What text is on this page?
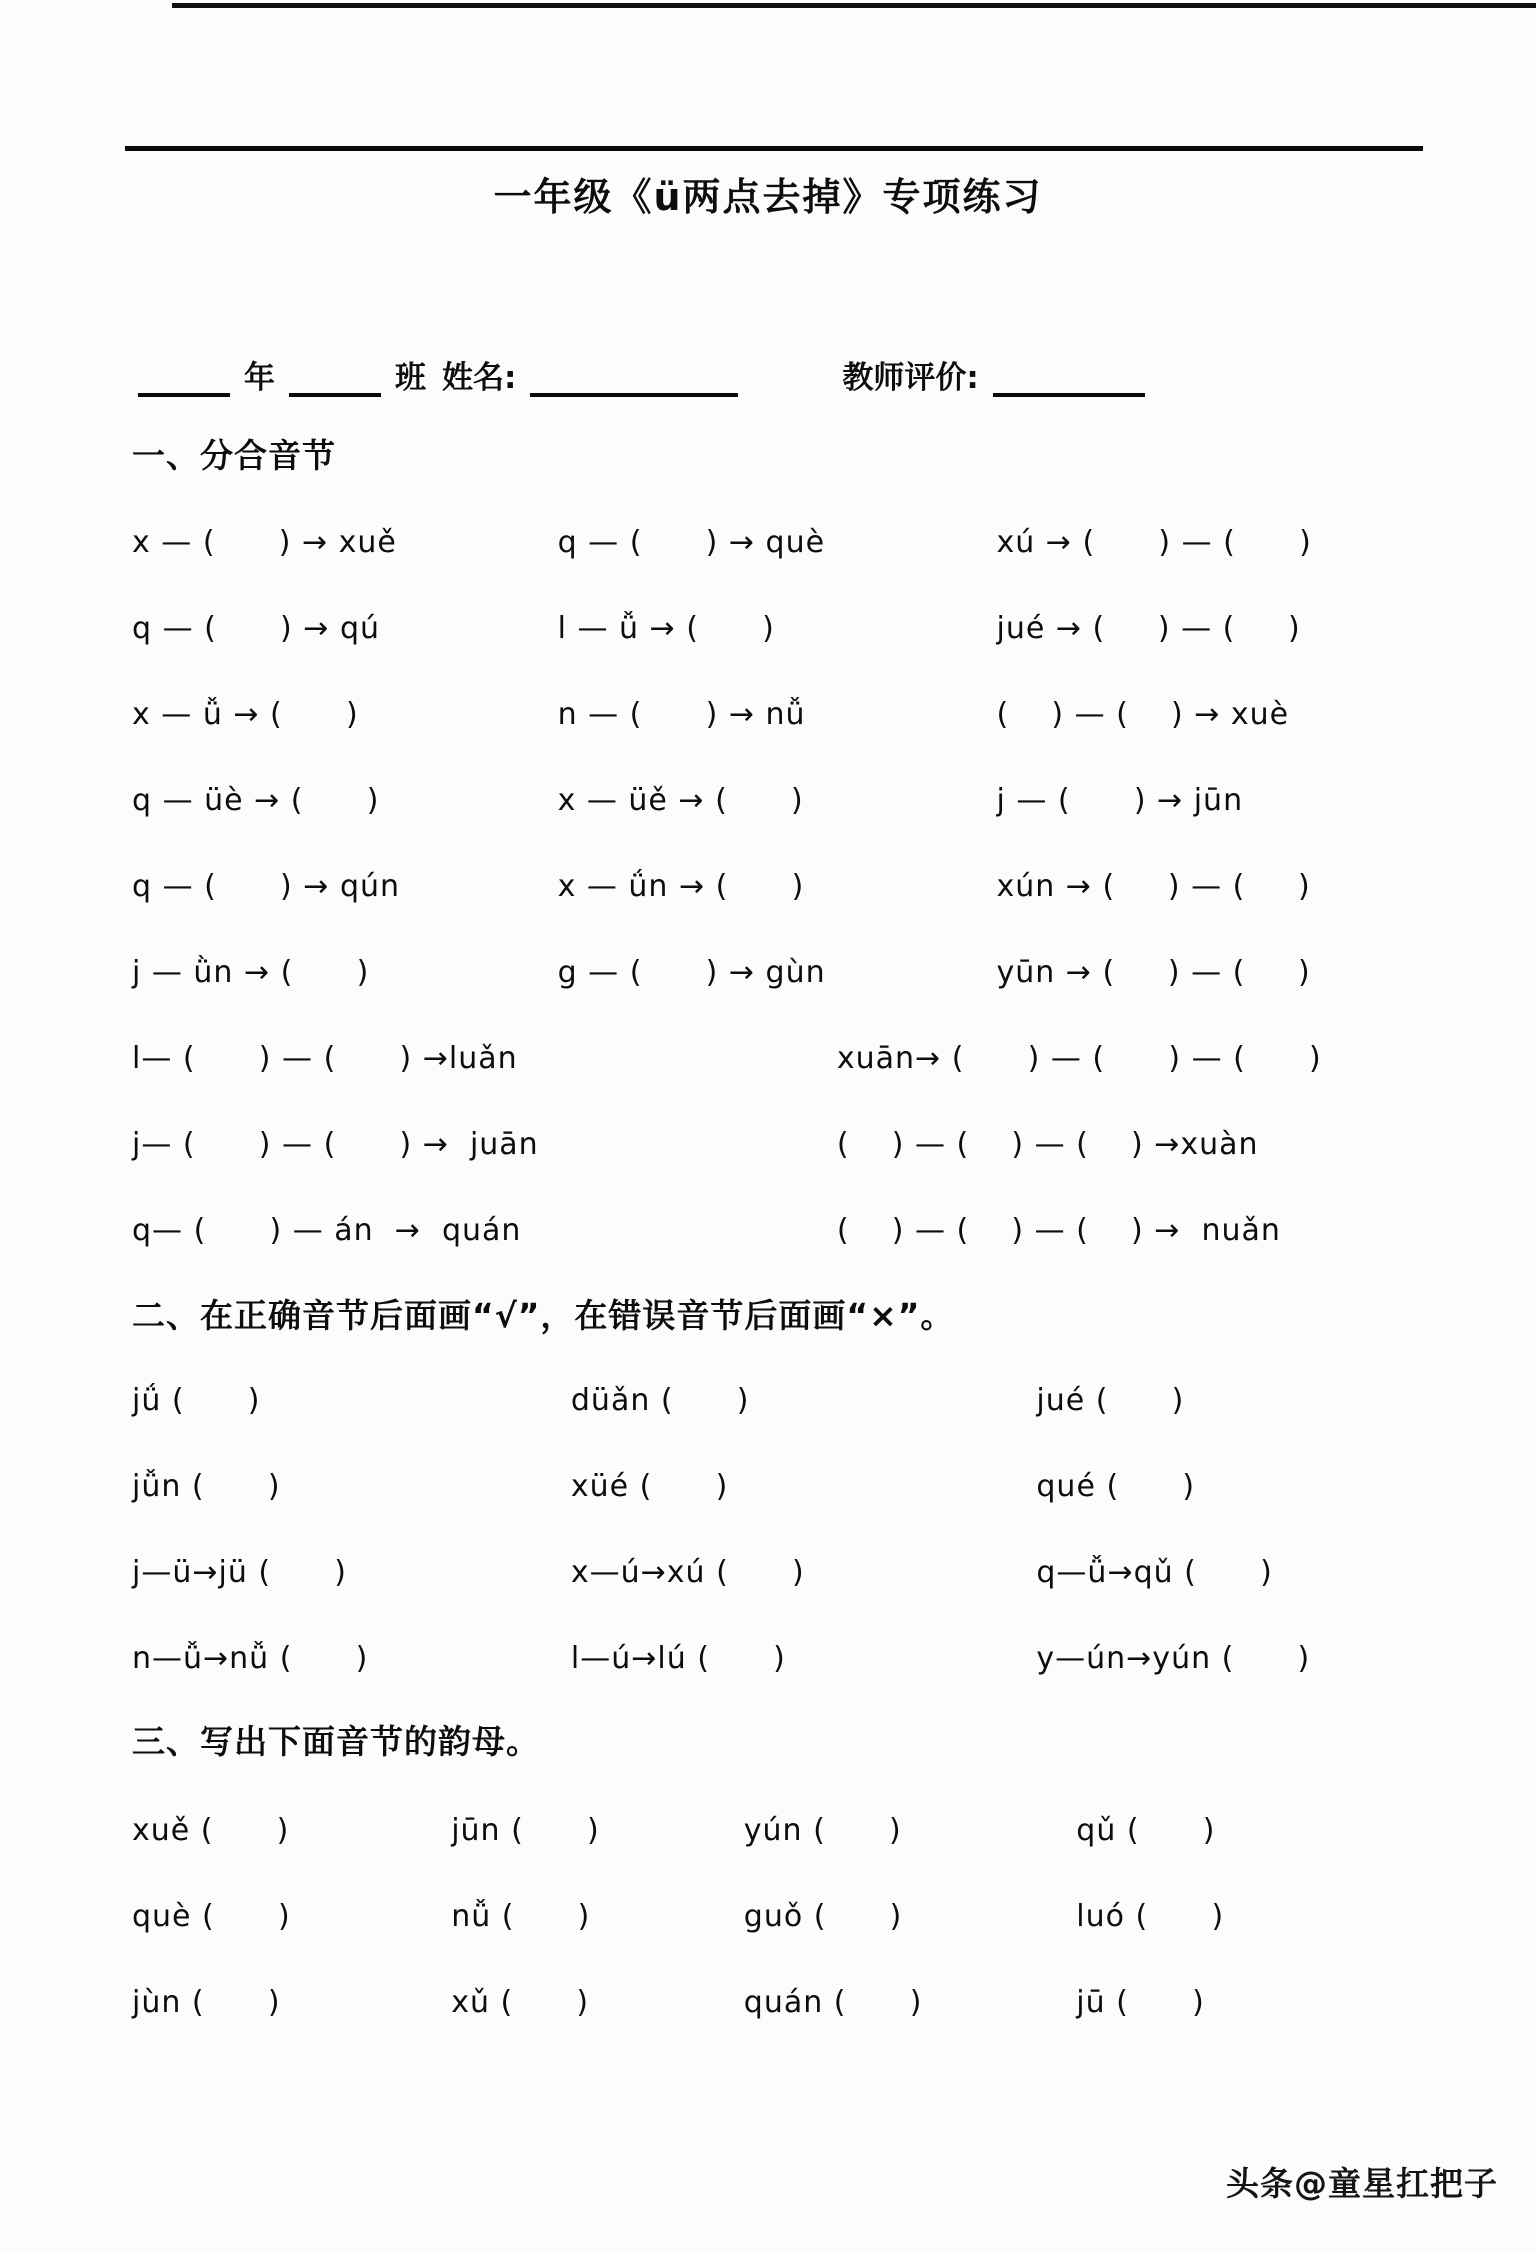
一年级《ü两点去掉》专项练习
年	班 姓名:	教师评价:
一、分合音节
x — (      ) → xuě	q — (      ) → què	xú → (      ) — (      )
q — (      ) → qú	l — ǚ → (      )	jué → (     ) — (     )
x — ǚ → (      )	n — (      ) → nǚ	(    ) — (    ) → xuè
q — üè → (      )	x — üě → (      )	j — (      ) → jūn
q — (      ) → qún	x — ǘn → (      )	xún → (     ) — (     )
j — ǜn → (      )	g — (      ) → gùn	yūn → (     ) — (     )
l— (      ) — (      ) →luǎn	xuān→ (      ) — (      ) — (      )
j— (      ) — (      ) →  juān	(    ) — (    ) — (    ) →xuàn
q— (      ) — án  →  quán	(    ) — (    ) — (    ) →  nuǎn
二、在正确音节后面画“√”，在错误音节后面画“×”。
jǘ (      )	düǎn (      )	jué (      )
jǚn (      )	xüé (      )	qué (      )
j—ü→jü (      )	x—ú→xú (      )	q—ǚ→qǔ (      )
n—ǚ→nǚ (      )	l—ú→lú (      )	y—ún→yún (      )
三、写出下面音节的韵母。
xuě (      )	jūn (      )	yún (      )	qǔ (      )
què (      )	nǚ (      )	guǒ (      )	luó (      )
jùn (      )	xǔ (      )	quán (      )	jū (      )
头条@童星扛把子
